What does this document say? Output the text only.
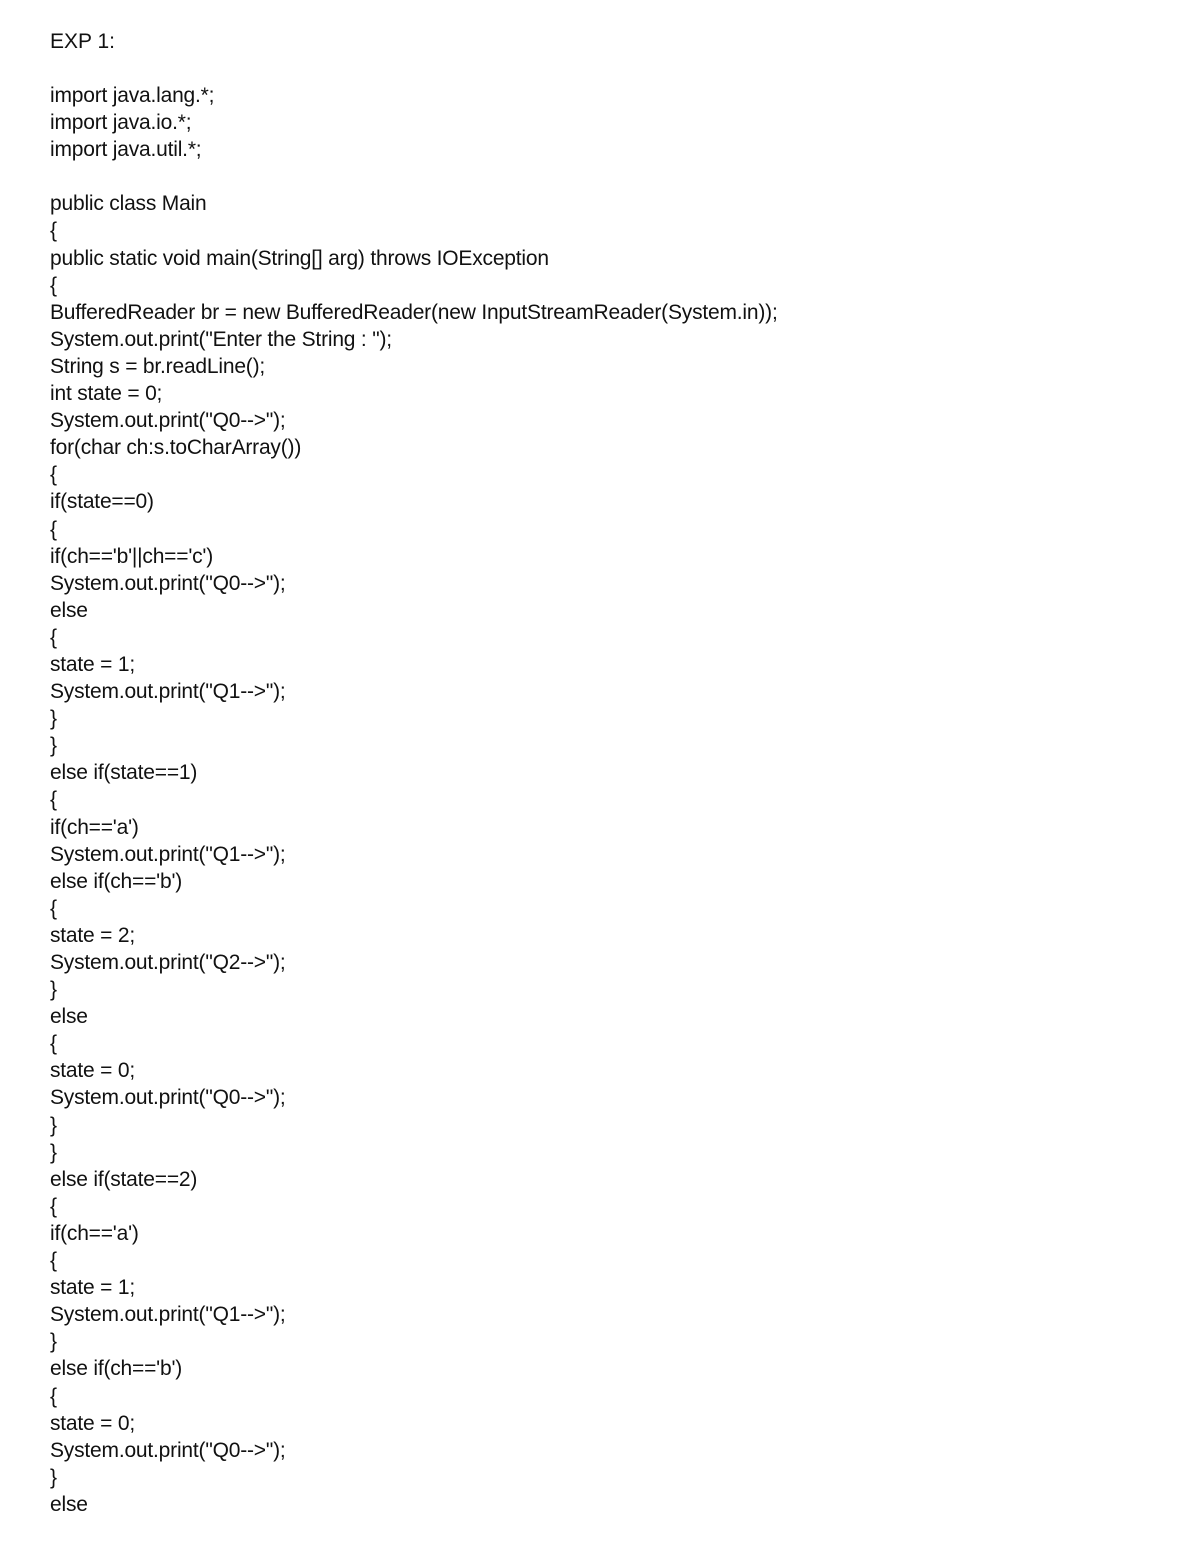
EXP 1:
import java.lang.*;
import java.io.*;
import java.util.*;
public class Main
{
public static void main(String[] arg) throws IOException
{
BufferedReader br = new BufferedReader(new InputStreamReader(System.in));
System.out.print("Enter the String : ");
String s = br.readLine();
int state = 0;
System.out.print("Q0-->");
for(char ch:s.toCharArray())
{
if(state==0)
{
if(ch=='b'||ch=='c')
System.out.print("Q0-->");
else
{
state = 1;
System.out.print("Q1-->");
}
}
else if(state==1)
{
if(ch=='a')
System.out.print("Q1-->");
else if(ch=='b')
{
state = 2;
System.out.print("Q2-->");
}
else
{
state = 0;
System.out.print("Q0-->");
}
}
else if(state==2)
{
if(ch=='a')
{
state = 1;
System.out.print("Q1-->");
}
else if(ch=='b')
{
state = 0;
System.out.print("Q0-->");
}
else
